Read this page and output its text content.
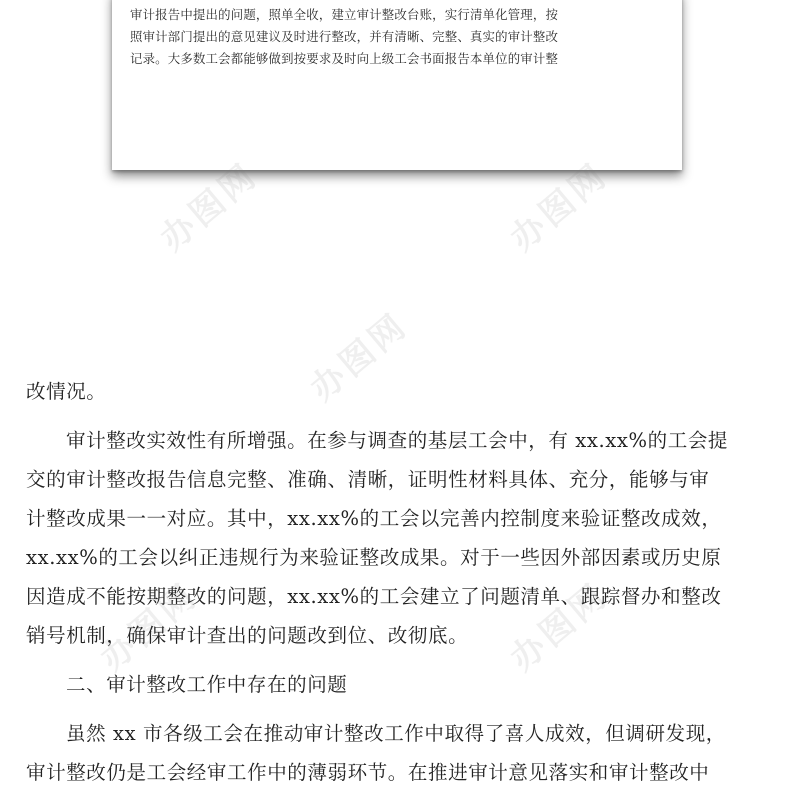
审计报告中提出的问题，照单全收，建立审计整改台账，实行清单化管理，按

照审计部门提出的意见建议及时进行整改，并有清晰、完整、真实的审计整改

记录。大多数工会都能够做到按要求及时向上级工会书面报告本单位的审计整

改情况。

审计整改实效性有所增强。在参与调查的基层工会中，有 xx.xx%的工会提

交的审计整改报告信息完整、准确、清晰，证明性材料具体、充分，能够与审

计整改成果一一对应。其中，xx.xx%的工会以完善内控制度来验证整改成效，

xx.xx%的工会以纠正违规行为来验证整改成果。对于一些因外部因素或历史原

因造成不能按期整改的问题，xx.xx%的工会建立了问题清单、跟踪督办和整改

销号机制，确保审计查出的问题改到位、改彻底。

二、审计整改工作中存在的问题

虽然 xx 市各级工会在推动审计整改工作中取得了喜人成效，但调研发现，

审计整改仍是工会经审工作中的薄弱环节。在推进审计意见落实和审计整改中

办图网	办图网
办图网
办图网	办图网
